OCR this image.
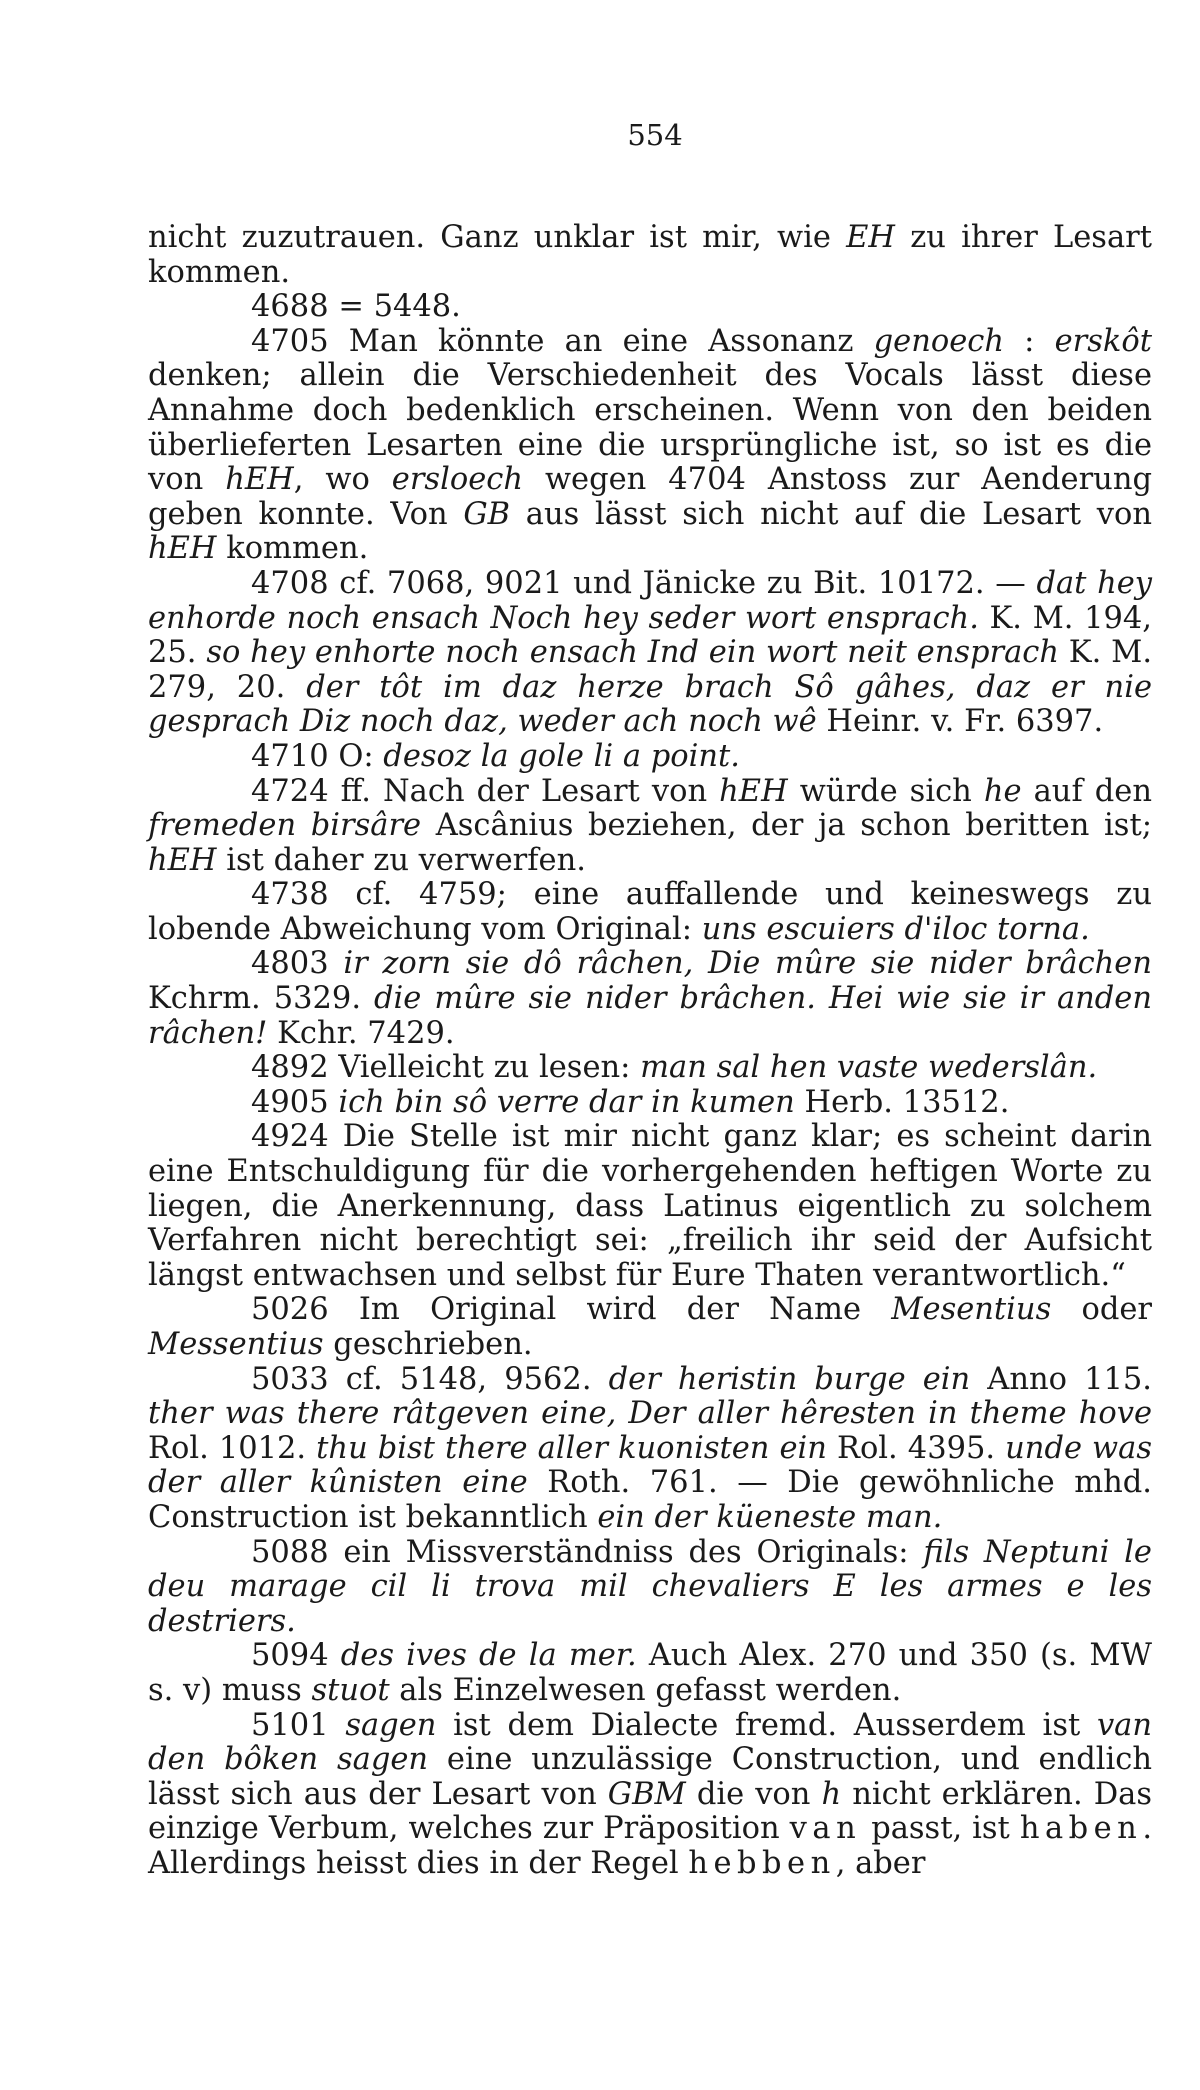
554

nicht zuzutrauen. Ganz unklar ist mir, wie EH zu ihrer Lesart kommen.

4688 = 5448.

4705 Man könnte an eine Assonanz genoech : erskôt denken; allein die Verschiedenheit des Vocals lässt diese Annahme doch bedenklich erscheinen. Wenn von den beiden überlieferten Lesarten eine die ursprüngliche ist, so ist es die von hEH, wo ersloech wegen 4704 Anstoss zur Aenderung geben konnte. Von GB aus lässt sich nicht auf die Lesart von hEH kommen.

4708 cf. 7068, 9021 und Jänicke zu Bit. 10172. — dat hey enhorde noch ensach Noch hey seder wort ensprach. K. M. 194, 25. so hey enhorte noch ensach Ind ein wort neit ensprach K. M. 279, 20. der tôt im daz herze brach Sô gâhes, daz er nie gesprach Diz noch daz, weder ach noch wê Heinr. v. Fr. 6397.

4710 O: desoz la gole li a point.

4724 ff. Nach der Lesart von hEH würde sich he auf den fremeden birsâre Ascânius beziehen, der ja schon beritten ist; hEH ist daher zu verwerfen.

4738 cf. 4759; eine auffallende und keineswegs zu lobende Abweichung vom Original: uns escuiers d'iloc torna.

4803 ir zorn sie dô râchen, Die mûre sie nider brâchen Kchrm. 5329. die mûre sie nider brâchen. Hei wie sie ir anden râchen! Kchr. 7429.

4892 Vielleicht zu lesen: man sal hen vaste wederslân.

4905 ich bin sô verre dar in kumen Herb. 13512.

4924 Die Stelle ist mir nicht ganz klar; es scheint darin eine Entschuldigung für die vorhergehenden heftigen Worte zu liegen, die Anerkennung, dass Latinus eigentlich zu solchem Verfahren nicht berechtigt sei: „freilich ihr seid der Aufsicht längst entwachsen und selbst für Eure Thaten verantwortlich.“

5026 Im Original wird der Name Mesentius oder Messentius geschrieben.

5033 cf. 5148, 9562. der heristin burge ein Anno 115. ther was there râtgeven eine, Der aller hêresten in theme hove Rol. 1012. thu bist there aller kuonisten ein Rol. 4395. unde was der aller kûnisten eine Roth. 761. — Die gewöhnliche mhd. Construction ist bekanntlich ein der küeneste man.

5088 ein Missverständniss des Originals: fils Neptuni le deu marage cil li trova mil chevaliers E les armes e les destriers.

5094 des ives de la mer. Auch Alex. 270 und 350 (s. MW s. v) muss stuot als Einzelwesen gefasst werden.

5101 sagen ist dem Dialecte fremd. Ausserdem ist van den bôken sagen eine unzulässige Construction, und endlich lässt sich aus der Lesart von GBM die von h nicht erklären. Das einzige Verbum, welches zur Präposition van passt, ist haben. Allerdings heisst dies in der Regel hebben, aber
